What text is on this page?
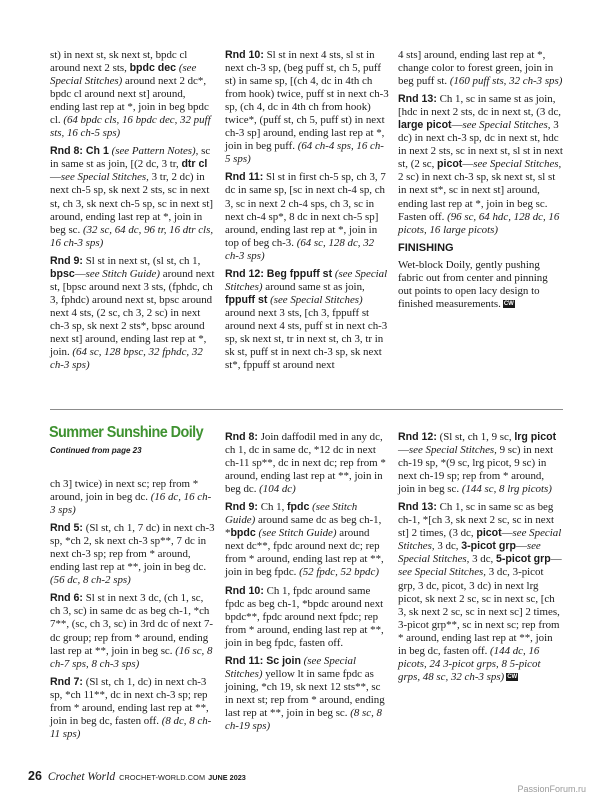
st) in next st, sk next st, bpdc cl around next 2 sts, bpdc dec (see Special Stitches) around next 2 dc*, bpdc cl around next st] around, ending last rep at *, join in beg bpdc cl. (64 bpdc cls, 16 bpdc dec, 32 puff sts, 16 ch-5 sps)

Rnd 8: Ch 1 (see Pattern Notes), sc in same st as join, [(2 dc, 3 tr, dtr cl—see Special Stitches, 3 tr, 2 dc) in next ch-5 sp, sk next 2 sts, sc in next st, ch 3, sk next ch-5 sp, sc in next st] around, ending last rep at *, join in beg sc. (32 sc, 64 dc, 96 tr, 16 dtr cls, 16 ch-3 sps)

Rnd 9: Sl st in next st, (sl st, ch 1, bpsc—see Stitch Guide) around next st, [bpsc around next 3 sts, (fphdc, ch 3, fphdc) around next st, bpsc around next 4 sts, (2 sc, ch 3, 2 sc) in next ch-3 sp, sk next 2 sts*, bpsc around next st] around, ending last rep at *, join. (64 sc, 128 bpsc, 32 fphdc, 32 ch-3 sps)

Rnd 10: Sl st in next 4 sts, sl st in next ch-3 sp, (beg puff st, ch 5, puff st) in same sp, [(ch 4, dc in 4th ch from hook) twice, puff st in next ch-3 sp, (ch 4, dc in 4th ch from hook) twice*, (puff st, ch 5, puff st) in next ch-3 sp] around, ending last rep at *, join in beg puff. (64 ch-4 sps, 16 ch-5 sps)

Rnd 11: Sl st in first ch-5 sp, ch 3, 7 dc in same sp, [sc in next ch-4 sp, ch 3, sc in next 2 ch-4 sps, ch 3, sc in next ch-4 sp*, 8 dc in next ch-5 sp] around, ending last rep at *, join in top of beg ch-3. (64 sc, 128 dc, 32 ch-3 sps)

Rnd 12: Beg fppuff st (see Special Stitches) around same st as join, fppuff st (see Special Stitches) around next 3 sts, [ch 3, fppuff st around next 4 sts, puff st in next ch-3 sp, sk next st, tr in next st, ch 3, tr in sk st, puff st in next ch-3 sp, sk next st*, fppuff st around next

4 sts] around, ending last rep at *, change color to forest green, join in beg puff st. (160 puff sts, 32 ch-3 sps)

Rnd 13: Ch 1, sc in same st as join, [hdc in next 2 sts, dc in next st, (3 dc, large picot—see Special Stitches, 3 dc) in next ch-3 sp, dc in next st, hdc in next 2 sts, sc in next st, sl st in next st, (2 sc, picot—see Special Stitches, 2 sc) in next ch-3 sp, sk next st, sl st in next st*, sc in next st] around, ending last rep at *, join in beg sc. Fasten off. (96 sc, 64 hdc, 128 dc, 16 picots, 16 large picots)

FINISHING

Wet-block Doily, gently pushing fabric out from center and pinning out points to open lacy design to finished measurements. CW

Summer Sunshine Doily
Continued from page 23

ch 3] twice) in next sc; rep from * around, join in beg dc. (16 dc, 16 ch-3 sps)

Rnd 5: (Sl st, ch 1, 7 dc) in next ch-3 sp, *ch 2, sk next ch-3 sp**, 7 dc in next ch-3 sp; rep from * around, ending last rep at **, join in beg dc. (56 dc, 8 ch-2 sps)

Rnd 6: Sl st in next 3 dc, (ch 1, sc, ch 3, sc) in same dc as beg ch-1, *ch 7**, (sc, ch 3, sc) in 3rd dc of next 7-dc group; rep from * around, ending last rep at **, join in beg sc. (16 sc, 8 ch-7 sps, 8 ch-3 sps)

Rnd 7: (Sl st, ch 1, dc) in next ch-3 sp, *ch 11**, dc in next ch-3 sp; rep from * around, ending last rep at **, join in beg dc, fasten off. (8 dc, 8 ch-11 sps)

Rnd 8: Join daffodil med in any dc, ch 1, dc in same dc, *12 dc in next ch-11 sp**, dc in next dc; rep from * around, ending last rep at **, join in beg dc. (104 dc)

Rnd 9: Ch 1, fpdc (see Stitch Guide) around same dc as beg ch-1, *bpdc (see Stitch Guide) around next dc**, fpdc around next dc; rep from * around, ending last rep at **, join in beg fpdc. (52 fpdc, 52 bpdc)

Rnd 10: Ch 1, fpdc around same fpdc as beg ch-1, *bpdc around next bpdc**, fpdc around next fpdc; rep from * around, ending last rep at **, join in beg fpdc, fasten off.

Rnd 11: Sc join (see Special Stitches) yellow lt in same fpdc as joining, *ch 19, sk next 12 sts**, sc in next st; rep from * around, ending last rep at **, join in beg sc. (8 sc, 8 ch-19 sps)

Rnd 12: (Sl st, ch 1, 9 sc, lrg picot—see Special Stitches, 9 sc) in next ch-19 sp, *(9 sc, lrg picot, 9 sc) in next ch-19 sp; rep from * around, join in beg sc. (144 sc, 8 lrg picots)

Rnd 13: Ch 1, sc in same sc as beg ch-1, *[ch 3, sk next 2 sc, sc in next st] 2 times, (3 dc, picot—see Special Stitches, 3 dc, 3-picot grp—see Special Stitches, 3 dc, 5-picot grp—see Special Stitches, 3 dc, 3-picot grp, 3 dc, picot, 3 dc) in next lrg picot, sk next 2 sc, sc in next sc, [ch 3, sk next 2 sc, sc in next sc] 2 times, 3-picot grp**, sc in next sc; rep from * around, ending last rep at **, join in beg dc, fasten off. (144 dc, 16 picots, 24 3-picot grps, 8 5-picot grps, 48 sc, 32 ch-3 sps) CW

26 Crochet World CROCHET-WORLD.COM JUNE 2023
PassionForum.ru
